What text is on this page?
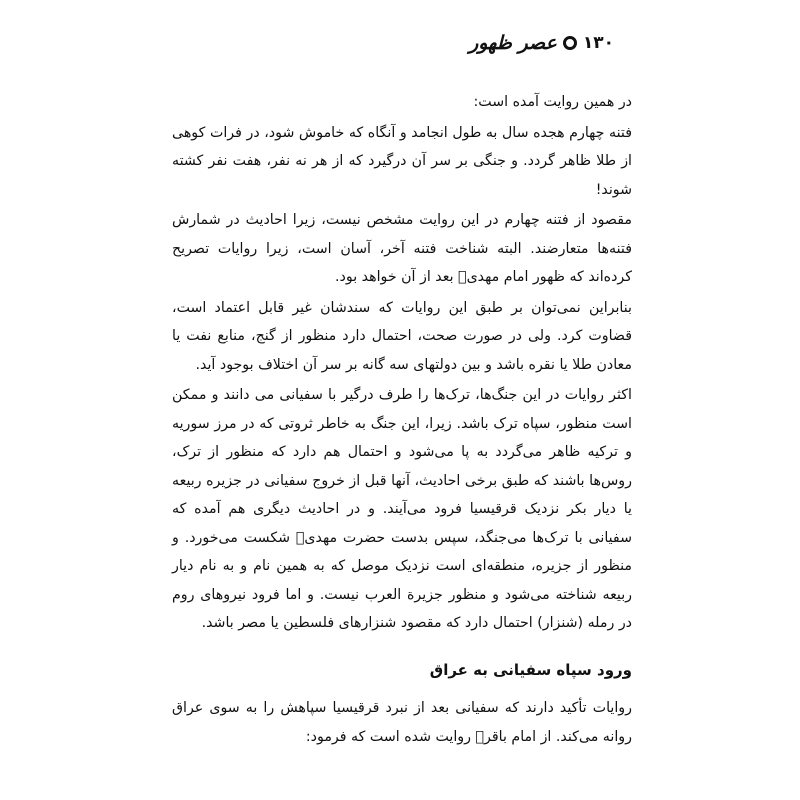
۱۳۰
عصر ظهور

در همین روایت آمده است:

فتنه چهارم هجده سال به طول انجامد و آنگاه که خاموش شود، در فرات کوهی از طلا ظاهر گردد. و جنگی بر سر آن درگیرد که از هر نه نفر، هفت نفر کشته شوند!

مقصود از فتنه چهارم در این روایت مشخص نیست، زیرا احادیث در شمارش فتنه‌ها متعارضند. البته شناخت فتنه آخر، آسان است، زیرا روایات تصریح کرده‌اند که ظهور امام مهدیؑ بعد از آن خواهد بود.

بنابراین نمی‌توان بر طبق این روایات که سندشان غیر قابل اعتماد است، قضاوت کرد. ولی در صورت صحت، احتمال دارد منظور از گنج، منابع نفت یا معادن طلا یا نقره باشد و بین دولتهای سه گانه بر سر آن اختلاف بوجود آید.

اکثر روایات در این جنگ‌ها، ترک‌ها را طرف درگیر با سفیانی می دانند و ممکن است منظور، سپاه ترک باشد. زیرا، این جنگ به خاطر ثروتی که در مرز سوریه و ترکیه ظاهر می‌گردد به پا می‌شود و احتمال هم دارد که منظور از ترک، روس‌ها باشند که طبق برخی احادیث، آنها قبل از خروج سفیانی در جزیره ربیعه یا دیار بکر نزدیک قرقیسیا فرود می‌آیند. و در احادیث دیگری هم آمده که سفیانی با ترک‌ها می‌جنگد، سپس بدست حضرت مهدیؑ شکست می‌خورد. و منظور از جزیره، منطقه‌ای است نزدیک موصل که به همین نام و به نام دیار ربیعه شناخته می‌شود و منظور جزیرة العرب نیست. و اما فرود نیروهای روم در رمله (شنزار) احتمال دارد که مقصود شنزارهای فلسطین یا مصر باشد.

ورود سپاه سفیانی به عراق

روایات تأکید دارند که سفیانی بعد از نبرد قرقیسیا سپاهش را به سوی عراق روانه می‌کند. از امام باقرؑ روایت شده است که فرمود:
